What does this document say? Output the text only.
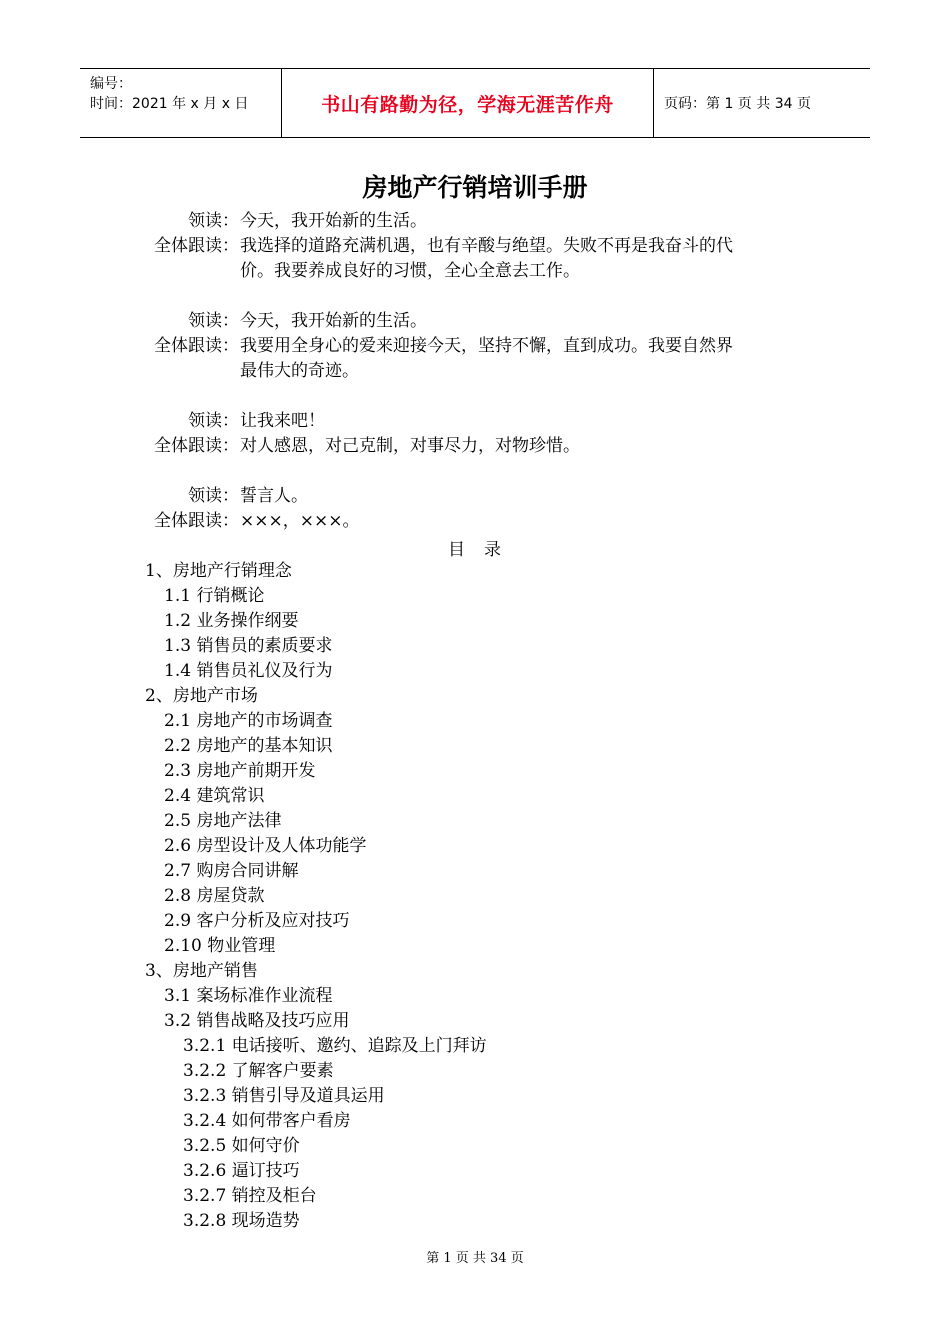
编号：
时间：2021 年 x 月 x 日	书山有路勤为径，学海无涯苦作舟	页码：第 1 页 共 34 页
房地产行销培训手册
领读： 今天，我开始新的生活。
全体跟读： 我选择的道路充满机遇，也有辛酸与绝望。失败不再是我奋斗的代
价。我要养成良好的习惯，全心全意去工作。
领读： 今天，我开始新的生活。
全体跟读： 我要用全身心的爱来迎接今天，坚持不懈，直到成功。我要自然界
最伟大的奇迹。
领读： 让我来吧！
全体跟读： 对人感恩，对己克制，对事尽力，对物珍惜。
领读： 誓言人。
全体跟读： ×××，×××。
目　录
1、房地产行销理念
1.1 行销概论
1.2 业务操作纲要
1.3 销售员的素质要求
1.4 销售员礼仪及行为
2、房地产市场
2.1 房地产的市场调查
2.2 房地产的基本知识
2.3 房地产前期开发
2.4 建筑常识
2.5 房地产法律
2.6 房型设计及人体功能学
2.7 购房合同讲解
2.8 房屋贷款
2.9 客户分析及应对技巧
2.10 物业管理
3、房地产销售
3.1 案场标准作业流程
3.2 销售战略及技巧应用
3.2.1 电话接听、邀约、追踪及上门拜访
3.2.2 了解客户要素
3.2.3 销售引导及道具运用
3.2.4 如何带客户看房
3.2.5 如何守价
3.2.6 逼订技巧
3.2.7 销控及柜台
3.2.8 现场造势
第 1 页 共 34 页
